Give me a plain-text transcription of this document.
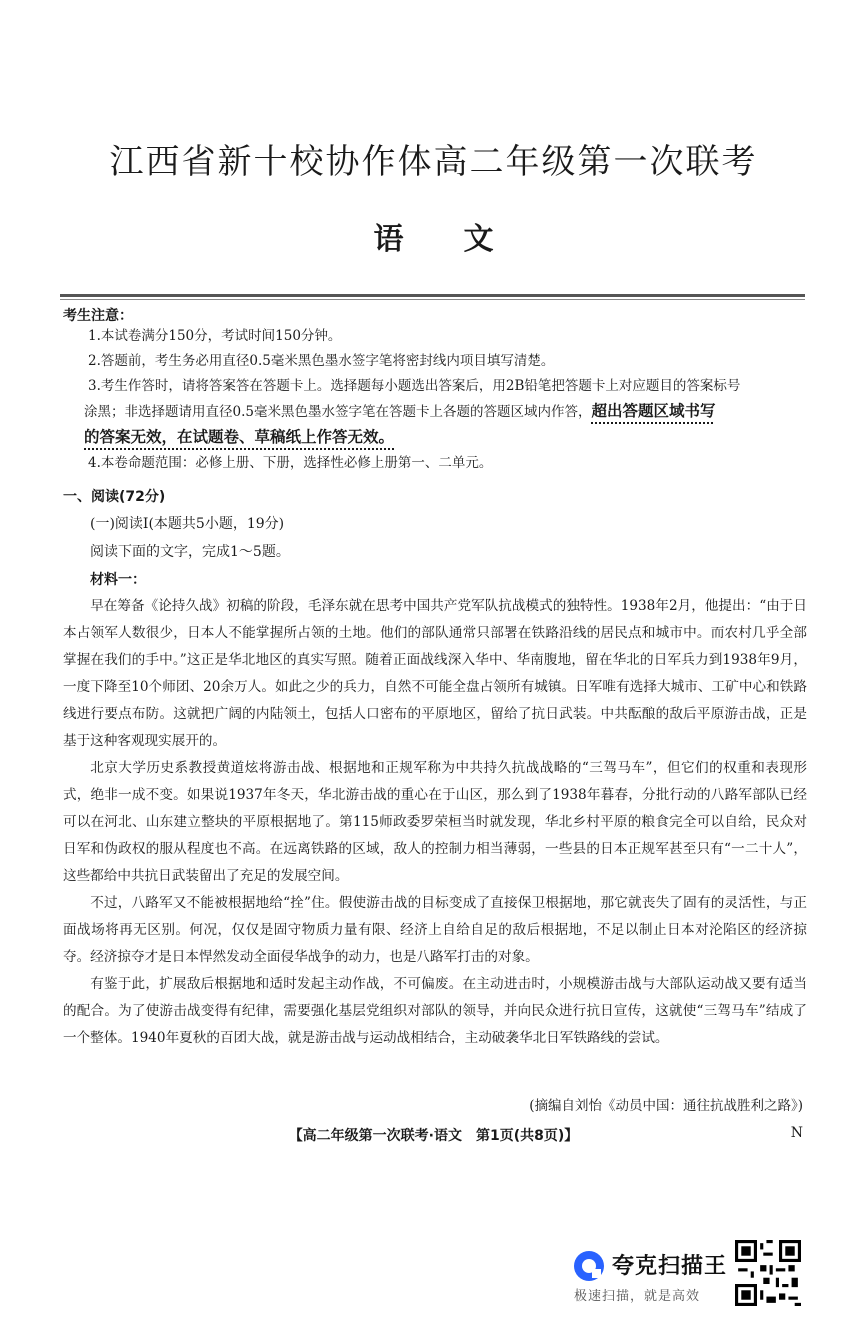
江西省新十校协作体高二年级第一次联考
语文
考生注意：

1.本试卷满分150分，考试时间150分钟。

2.答题前，考生务必用直径0.5毫米黑色墨水签字笔将密封线内项目填写清楚。

3.考生作答时，请将答案答在答题卡上。选择题每小题选出答案后，用2B铅笔把答题卡上对应题目的答案标号

涂黑；非选择题请用直径0.5毫米黑色墨水签字笔在答题卡上各题的答题区域内作答，超出答题区域书写

的答案无效，在试题卷、草稿纸上作答无效。

4.本卷命题范围：必修上册、下册，选择性必修上册第一、二单元。

一、阅读(72分)
(一)阅读Ⅰ(本题共5小题，19分)
阅读下面的文字，完成1～5题。
材料一：

早在筹备《论持久战》初稿的阶段，毛泽东就在思考中国共产党军队抗战模式的独特性。1938年2月，他提出：“由于日本占领军人数很少，日本人不能掌握所占领的土地。他们的部队通常只部署在铁路沿线的居民点和城市中。而农村几乎全部掌握在我们的手中。”这正是华北地区的真实写照。随着正面战线深入华中、华南腹地，留在华北的日军兵力到1938年9月，一度下降至10个师团、20余万人。如此之少的兵力，自然不可能全盘占领所有城镇。日军唯有选择大城市、工矿中心和铁路线进行要点布防。这就把广阔的内陆领土，包括人口密布的平原地区，留给了抗日武装。中共酝酿的敌后平原游击战，正是基于这种客观现实展开的。

北京大学历史系教授黄道炫将游击战、根据地和正规军称为中共持久抗战战略的“三驾马车”，但它们的权重和表现形式，绝非一成不变。如果说1937年冬天，华北游击战的重心在于山区，那么到了1938年暮春，分批行动的八路军部队已经可以在河北、山东建立整块的平原根据地了。第115师政委罗荣桓当时就发现，华北乡村平原的粮食完全可以自给，民众对日军和伪政权的服从程度也不高。在远离铁路的区域，敌人的控制力相当薄弱，一些县的日本正规军甚至只有“一二十人”，这些都给中共抗日武装留出了充足的发展空间。

不过，八路军又不能被根据地给“拴”住。假使游击战的目标变成了直接保卫根据地，那它就丧失了固有的灵活性，与正面战场将再无区别。何况，仅仅是固守物质力量有限、经济上自给自足的敌后根据地，不足以制止日本对沦陷区的经济掠夺。经济掠夺才是日本悍然发动全面侵华战争的动力，也是八路军打击的对象。

有鉴于此，扩展敌后根据地和适时发起主动作战，不可偏废。在主动进击时，小规模游击战与大部队运动战又要有适当的配合。为了使游击战变得有纪律，需要强化基层党组织对部队的领导，并向民众进行抗日宣传，这就使“三驾马车”结成了一个整体。1940年夏秋的百团大战，就是游击战与运动战相结合，主动破袭华北日军铁路线的尝试。

(摘编自刘怡《动员中国：通往抗战胜利之路》)
【高二年级第一次联考·语文　第1页(共8页)】	N
夸克扫描王
极速扫描，就是高效
